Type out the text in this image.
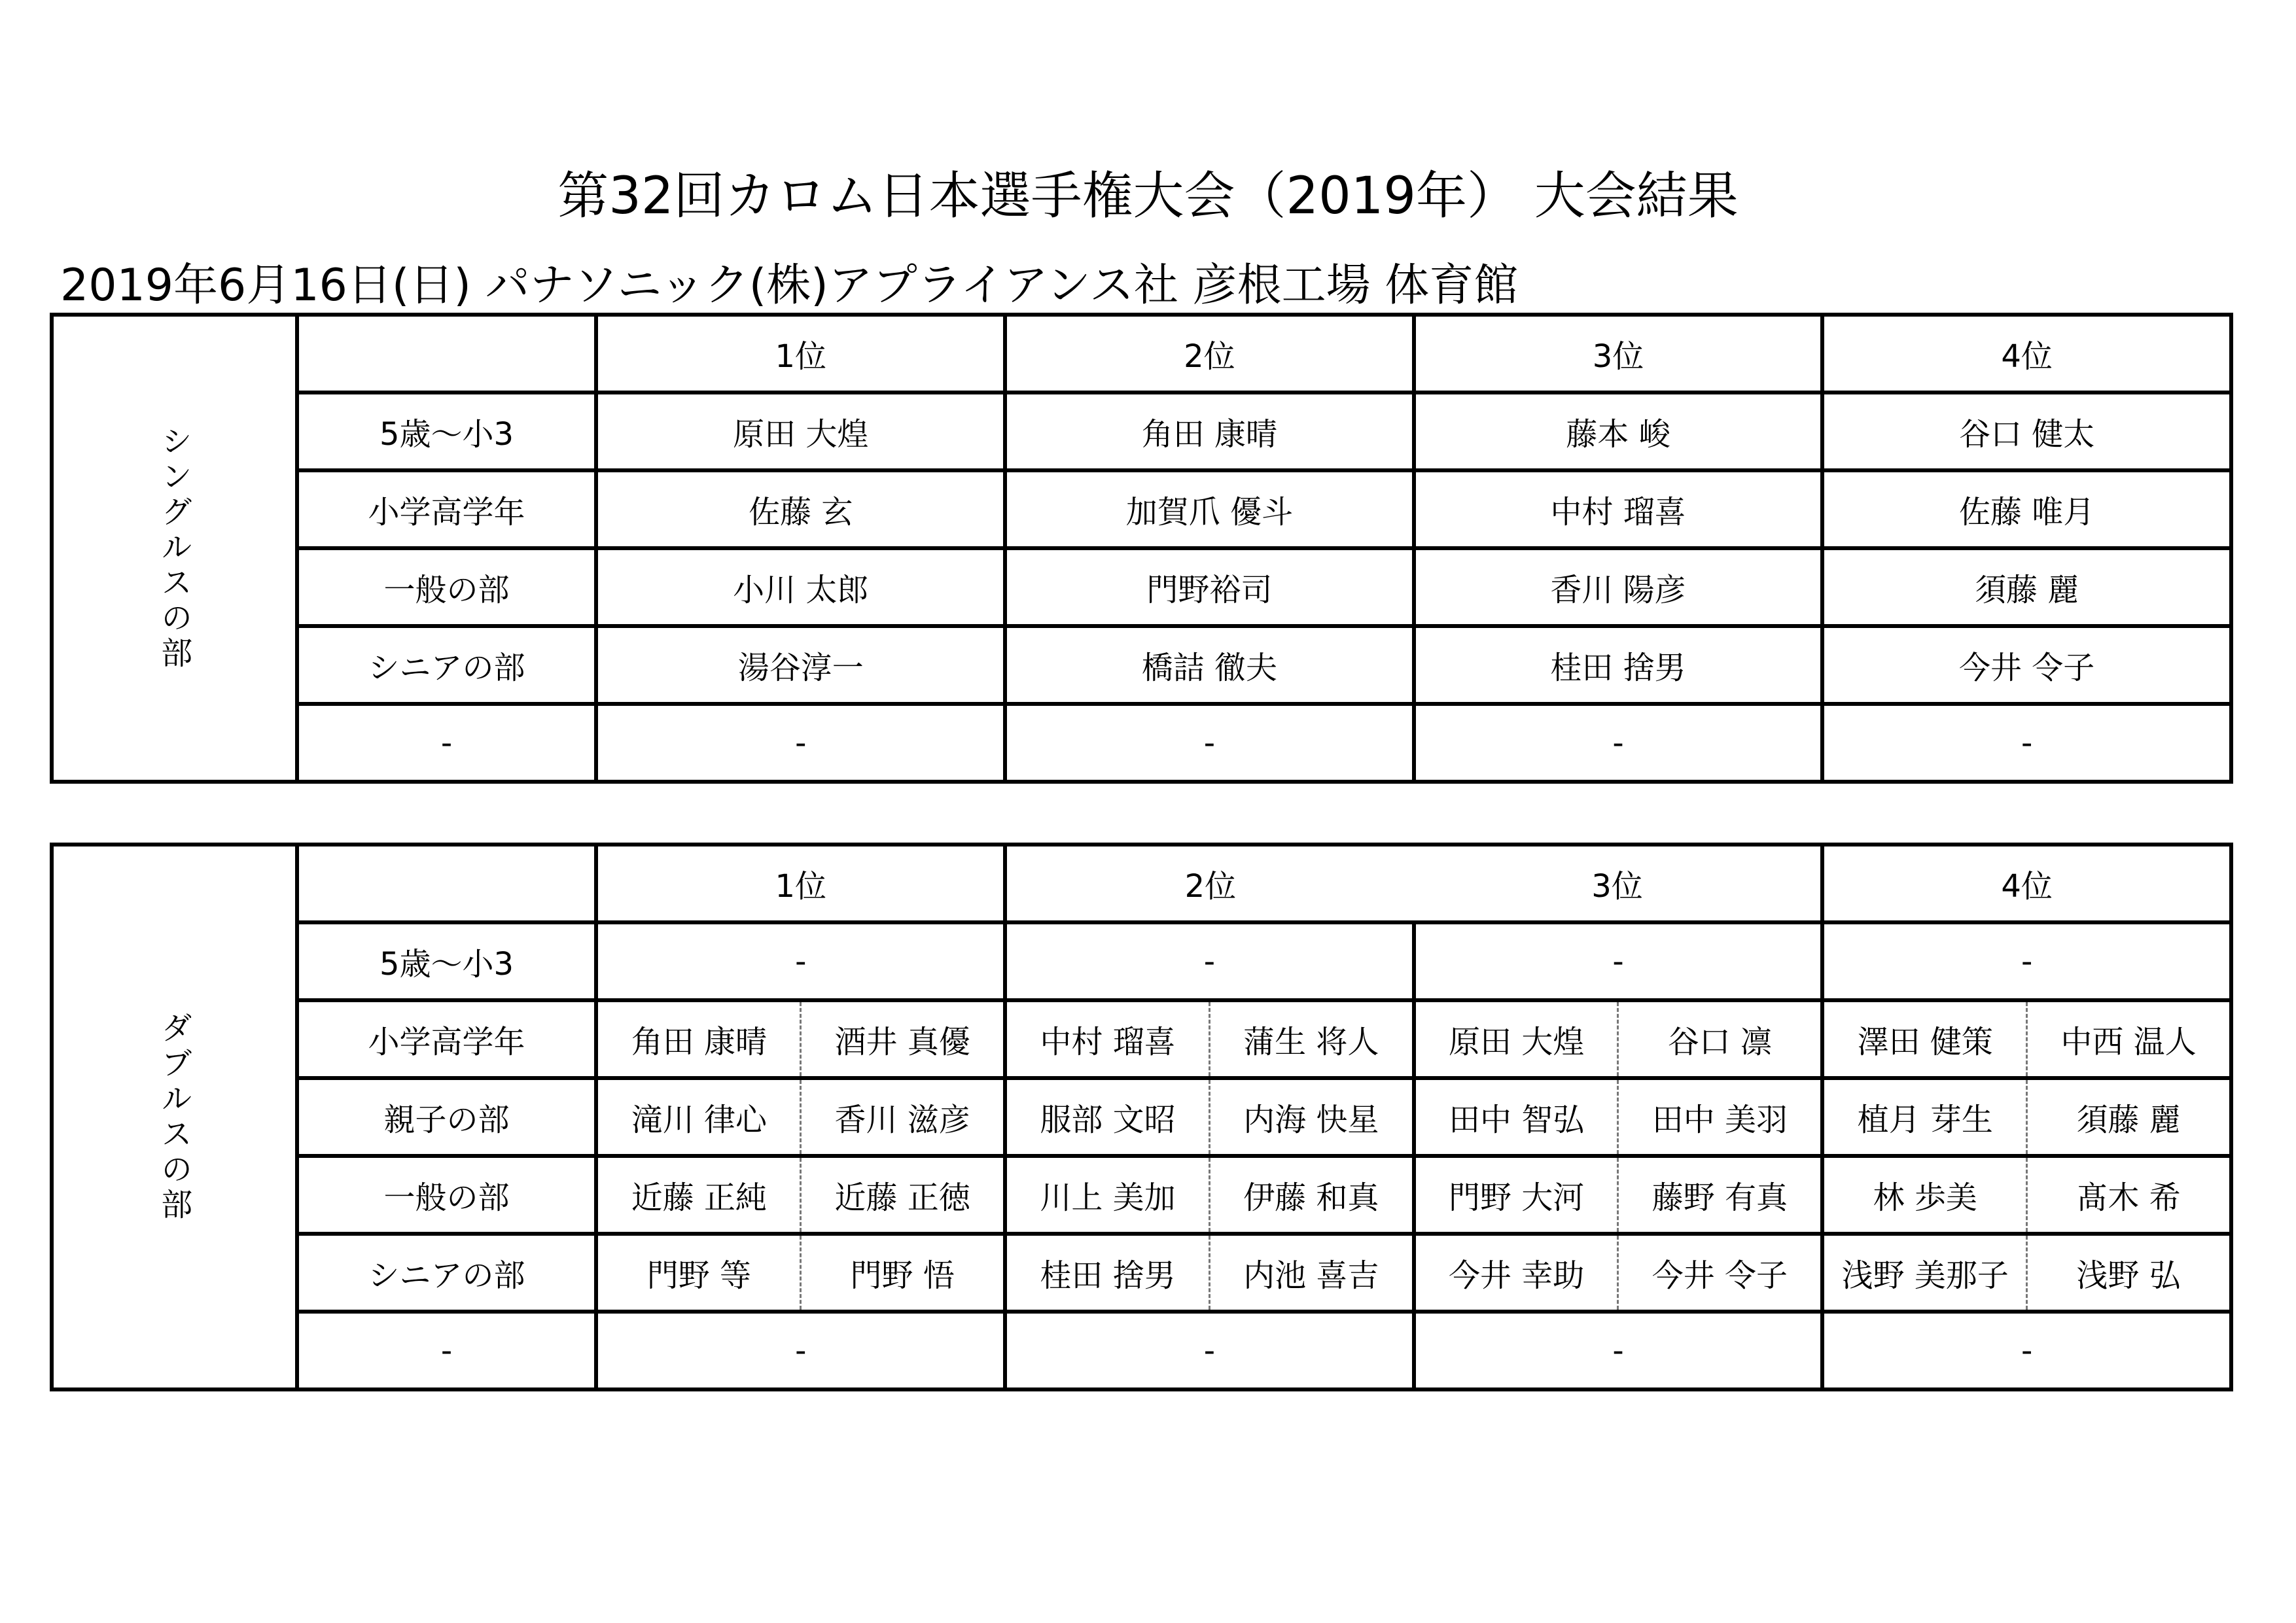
第32回カロム日本選手権大会（2019年） 大会結果
2019年6月16日(日) パナソニック(株)アプライアンス社 彦根工場 体育館
シングルスの部		1位	2位	3位	4位
	5歳〜小3	原田 大煌	角田 康晴	藤本 峻	谷口 健太
	小学高学年	佐藤 玄	加賀爪 優斗	中村 瑠喜	佐藤 唯月
	一般の部	小川 太郎	門野裕司	香川 陽彦	須藤 麗
	シニアの部	湯谷淳一	橋詰 徹夫	桂田 捨男	今井 令子
	-	-	-	-	-
ダブルスの部		1位		2位		3位		4位	
	5歳〜小3	-		-		-		-	
	小学高学年	角田 康晴	酒井 真優	中村 瑠喜	蒲生 将人	原田 大煌	谷口 凛	澤田 健策	中西 温人
	親子の部	滝川 律心	香川 滋彦	服部 文昭	内海 快星	田中 智弘	田中 美羽	植月 芽生	須藤 麗
	一般の部	近藤 正純	近藤 正徳	川上 美加	伊藤 和真	門野 大河	藤野 有真	林 歩美	髙木 希
	シニアの部	門野 等	門野 悟	桂田 捨男	内池 喜吉	今井 幸助	今井 令子	浅野 美那子	浅野 弘
	-	-		-		-		-	
